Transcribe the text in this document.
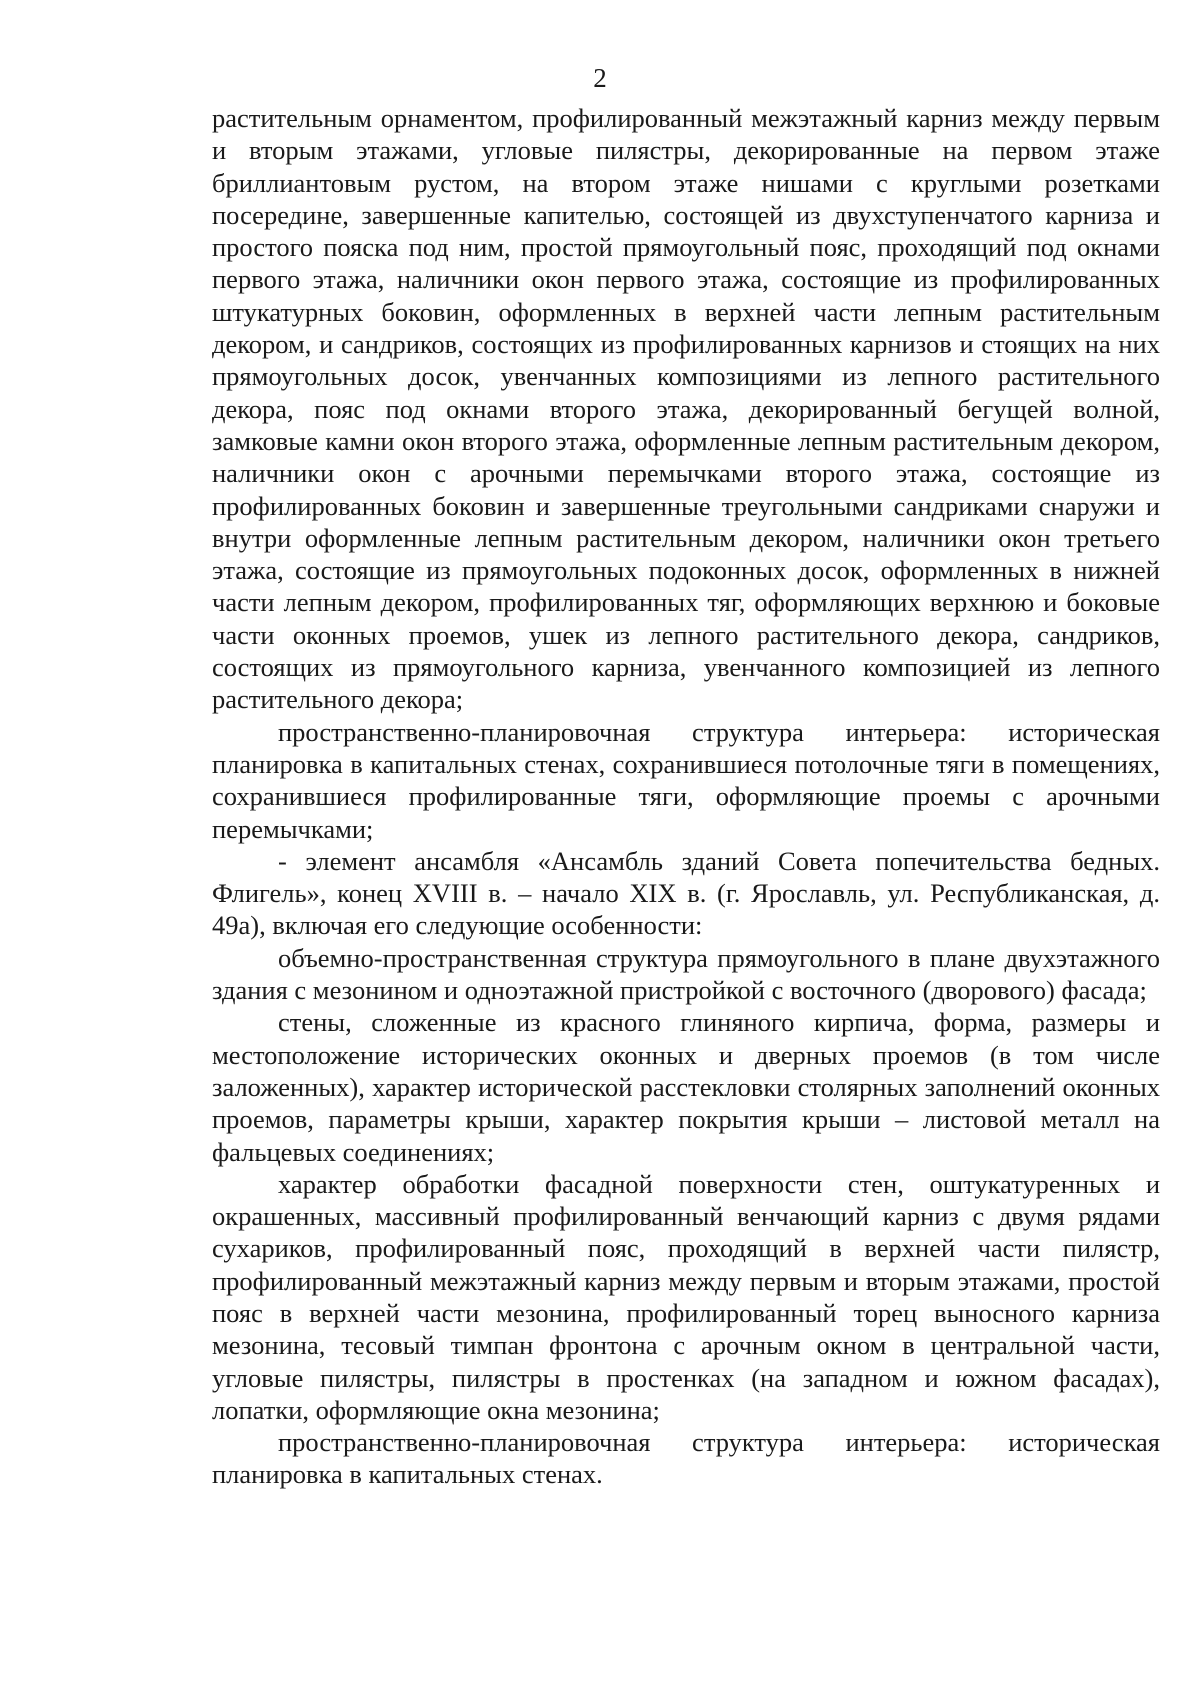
2

растительным орнаментом, профилированный межэтажный карниз между первым и вторым этажами, угловые пилястры, декорированные на первом этаже бриллиантовым рустом, на втором этаже нишами с круглыми розетками посередине, завершенные капителью, состоящей из двухступенчатого карниза и простого пояска под ним, простой прямоугольный пояс, проходящий под окнами первого этажа, наличники окон первого этажа, состоящие из профилированных штукатурных боковин, оформленных в верхней части лепным растительным декором, и сандриков, состоящих из профилированных карнизов и стоящих на них прямоугольных досок, увенчанных композициями из лепного растительного декора, пояс под окнами второго этажа, декорированный бегущей волной, замковые камни окон второго этажа, оформленные лепным растительным декором, наличники окон с арочными перемычками второго этажа, состоящие из профилированных боковин и завершенные треугольными сандриками снаружи и внутри оформленные лепным растительным декором, наличники окон третьего этажа, состоящие из прямоугольных подоконных досок, оформленных в нижней части лепным декором, профилированных тяг, оформляющих верхнюю и боковые части оконных проемов, ушек из лепного растительного декора, сандриков, состоящих из прямоугольного карниза, увенчанного композицией из лепного растительного декора;

пространственно-планировочная структура интерьера: историческая планировка в капитальных стенах, сохранившиеся потолочные тяги в помещениях, сохранившиеся профилированные тяги, оформляющие проемы с арочными перемычками;

- элемент ансамбля «Ансамбль зданий Совета попечительства бедных. Флигель», конец XVIII в. – начало XIX в. (г. Ярославль, ул. Республиканская, д. 49а), включая его следующие особенности:

объемно-пространственная структура прямоугольного в плане двухэтажного здания с мезонином и одноэтажной пристройкой с восточного (дворового) фасада;

стены, сложенные из красного глиняного кирпича, форма, размеры и местоположение исторических оконных и дверных проемов (в том числе заложенных), характер исторической расстекловки столярных заполнений оконных проемов, параметры крыши, характер покрытия крыши – листовой металл на фальцевых соединениях;

характер обработки фасадной поверхности стен, оштукатуренных и окрашенных, массивный профилированный венчающий карниз с двумя рядами сухариков, профилированный пояс, проходящий в верхней части пилястр, профилированный межэтажный карниз между первым и вторым этажами, простой пояс в верхней части мезонина, профилированный торец выносного карниза мезонина, тесовый тимпан фронтона с арочным окном в центральной части, угловые пилястры, пилястры в простенках (на западном и южном фасадах), лопатки, оформляющие окна мезонина;

пространственно-планировочная структура интерьера: историческая планировка в капитальных стенах.
